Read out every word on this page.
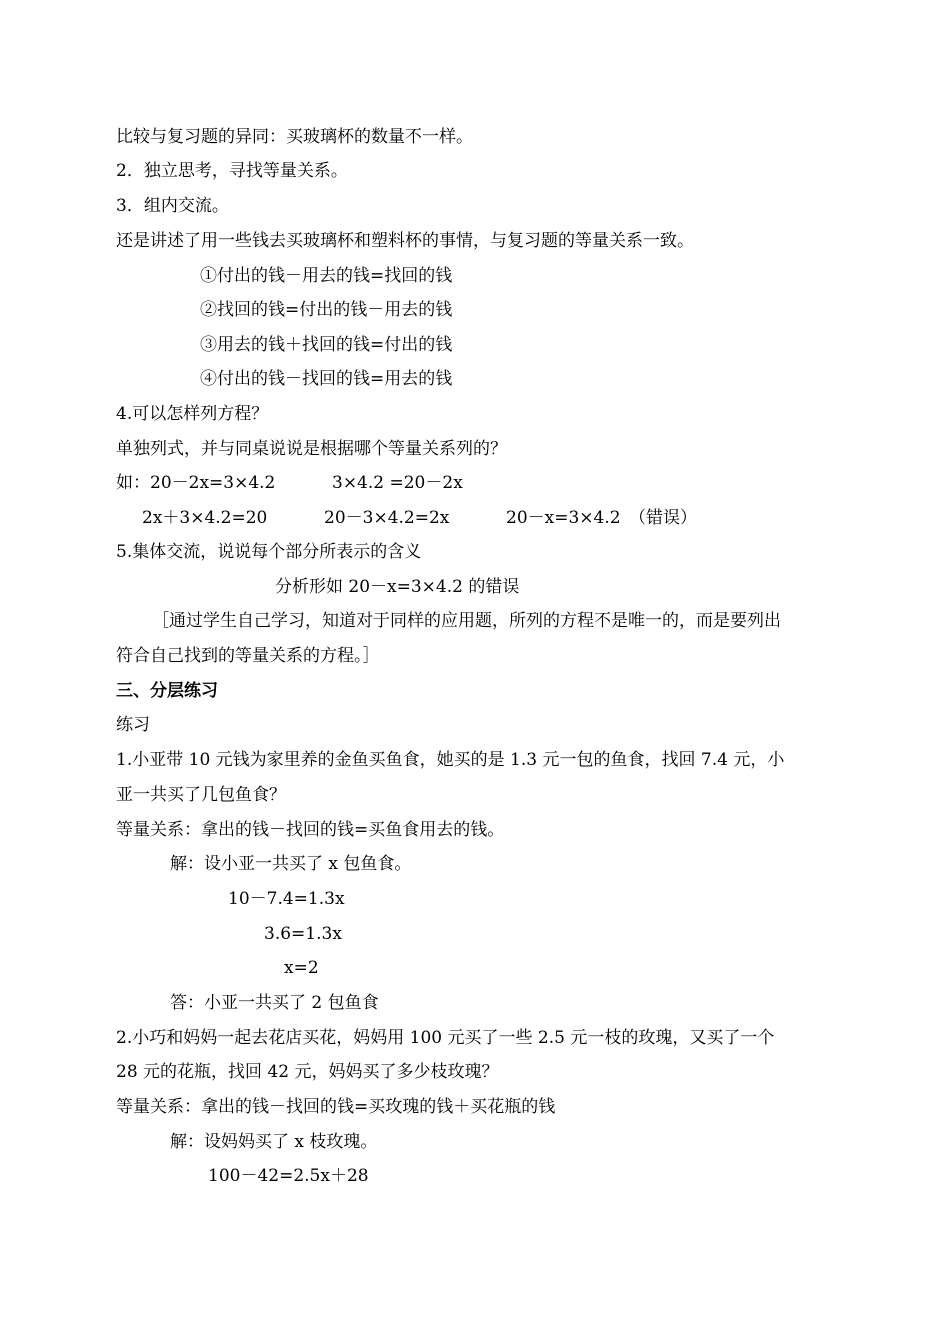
比较与复习题的异同：买玻璃杯的数量不一样。
2．独立思考，寻找等量关系。
3．组内交流。
还是讲述了用一些钱去买玻璃杯和塑料杯的事情，与复习题的等量关系一致。
①付出的钱－用去的钱=找回的钱
②找回的钱=付出的钱－用去的钱
③用去的钱＋找回的钱=付出的钱
④付出的钱－找回的钱=用去的钱
4.可以怎样列方程？
单独列式，并与同桌说说是根据哪个等量关系列的？
如：20－2x=3×4.2	3×4.2 =20－2x
2x＋3×4.2=20	20－3×4.2=2x	20－x=3×4.2　（错误）
5.集体交流，说说每个部分所表示的含义
分析形如 20－x=3×4.2 的错误
［通过学生自己学习，知道对于同样的应用题，所列的方程不是唯一的，而是要列出
符合自己找到的等量关系的方程。］
三、分层练习
练习
1.小亚带 10 元钱为家里养的金鱼买鱼食，她买的是 1.3 元一包的鱼食，找回 7.4 元，小
亚一共买了几包鱼食？
等量关系：拿出的钱－找回的钱=买鱼食用去的钱。
解：设小亚一共买了 x 包鱼食。
10－7.4=1.3x
3.6=1.3x
x=2
答：小亚一共买了 2 包鱼食
2.小巧和妈妈一起去花店买花，妈妈用 100 元买了一些 2.5 元一枝的玫瑰，又买了一个
28 元的花瓶，找回 42 元，妈妈买了多少枝玫瑰？
等量关系：拿出的钱－找回的钱=买玫瑰的钱＋买花瓶的钱
解：设妈妈买了 x 枝玫瑰。
100－42=2.5x＋28
